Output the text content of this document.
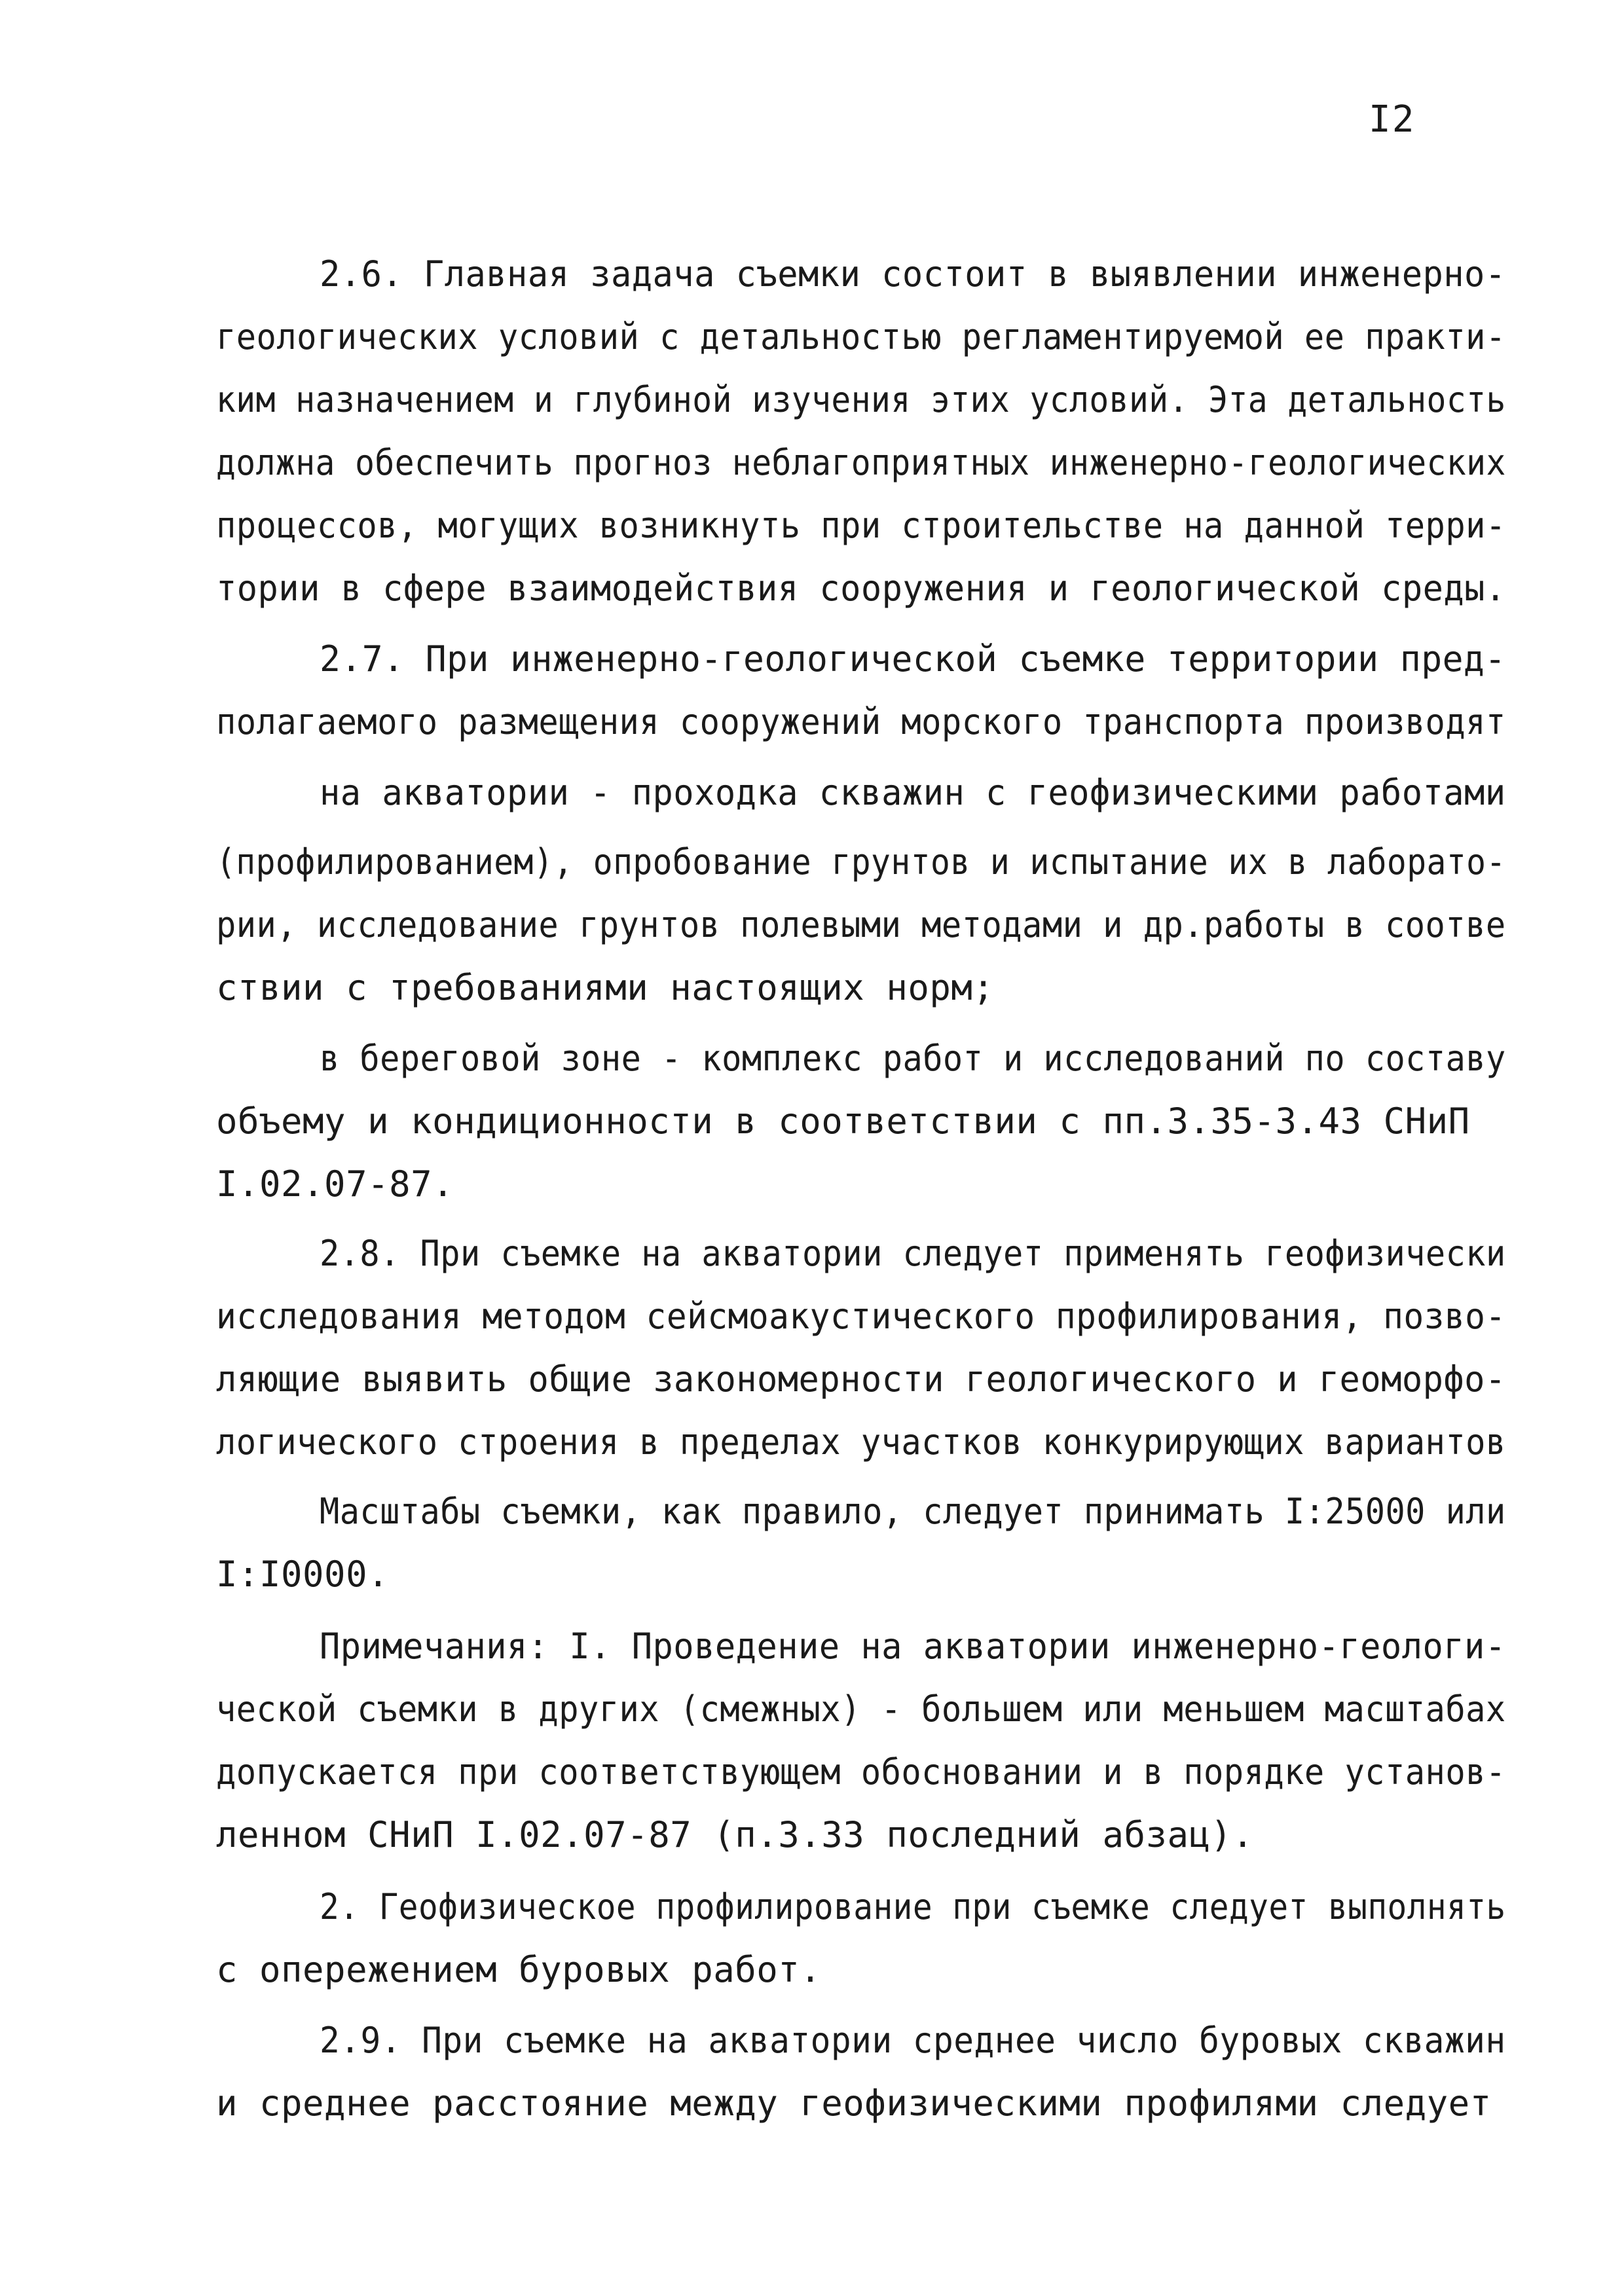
I2
2.6. Главная задача съемки состоит в выявлении инженерно-
геологических условий с детальностью регламентируемой ее практи-
ким назначением и глубиной изучения этих условий. Эта детальность
должна обеспечить прогноз неблагоприятных инженерно-геологических
процессов, могущих возникнуть при строительстве на данной терри-
тории в сфере взаимодействия сооружения и геологической среды.
2.7. При инженерно-геологической съемке территории пред-
полагаемого размещения сооружений морского транспорта производят
на акватории - проходка скважин с геофизическими работами
(профилированием), опробование грунтов и испытание их в лаборато-
рии, исследование грунтов полевыми методами и др.работы в соотве
ствии с требованиями настоящих норм;
в береговой зоне - комплекс работ и исследований по составу
объему и кондиционности в соответствии с пп.3.35-3.43 СНиП
I.02.07-87.
2.8. При съемке на акватории следует применять геофизически
исследования методом сейсмоакустического профилирования, позво-
ляющие выявить общие закономерности геологического и геоморфо-
логического строения в пределах участков конкурирующих вариантов
Масштабы съемки, как правило, следует принимать I:25000 или
I:I0000.
Примечания: I. Проведение на акватории инженерно-геологи-
ческой съемки в других (смежных) - большем или меньшем масштабах
допускается при соответствующем обосновании и в порядке установ-
ленном СНиП I.02.07-87 (п.3.33 последний абзац).
2. Геофизическое профилирование при съемке следует выполнять
с опережением буровых работ.
2.9. При съемке на акватории среднее число буровых скважин
и среднее расстояние между геофизическими профилями следует
